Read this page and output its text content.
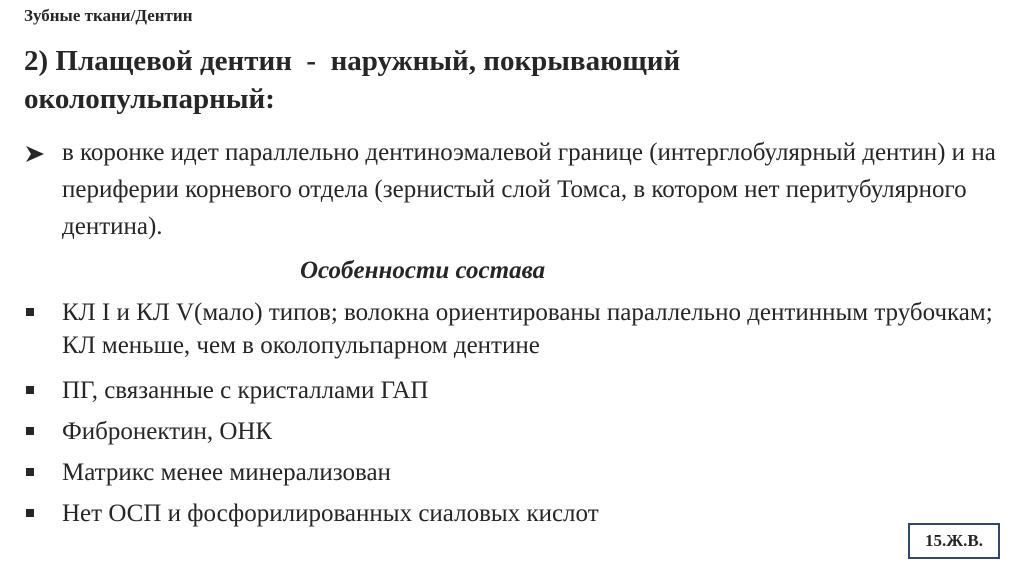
Зубные ткани/Дентин
2) Плащевой дентин  -  наружный, покрывающий
околопульпарный:
в коронке идет параллельно дентиноэмалевой границе (интерглобулярный дентин) и на периферии корневого отдела (зернистый слой Томса, в котором нет перитубулярного дентина).
Особенности состава
КЛ I и КЛ V(мало) типов; волокна ориентированы параллельно дентинным трубочкам; КЛ меньше, чем в околопульпарном дентине
ПГ, связанные с кристаллами ГАП
Фибронектин, ОНК
Матрикс менее минерализован
Нет ОСП и фосфорилированных сиаловых кислот
15.Ж.В.
